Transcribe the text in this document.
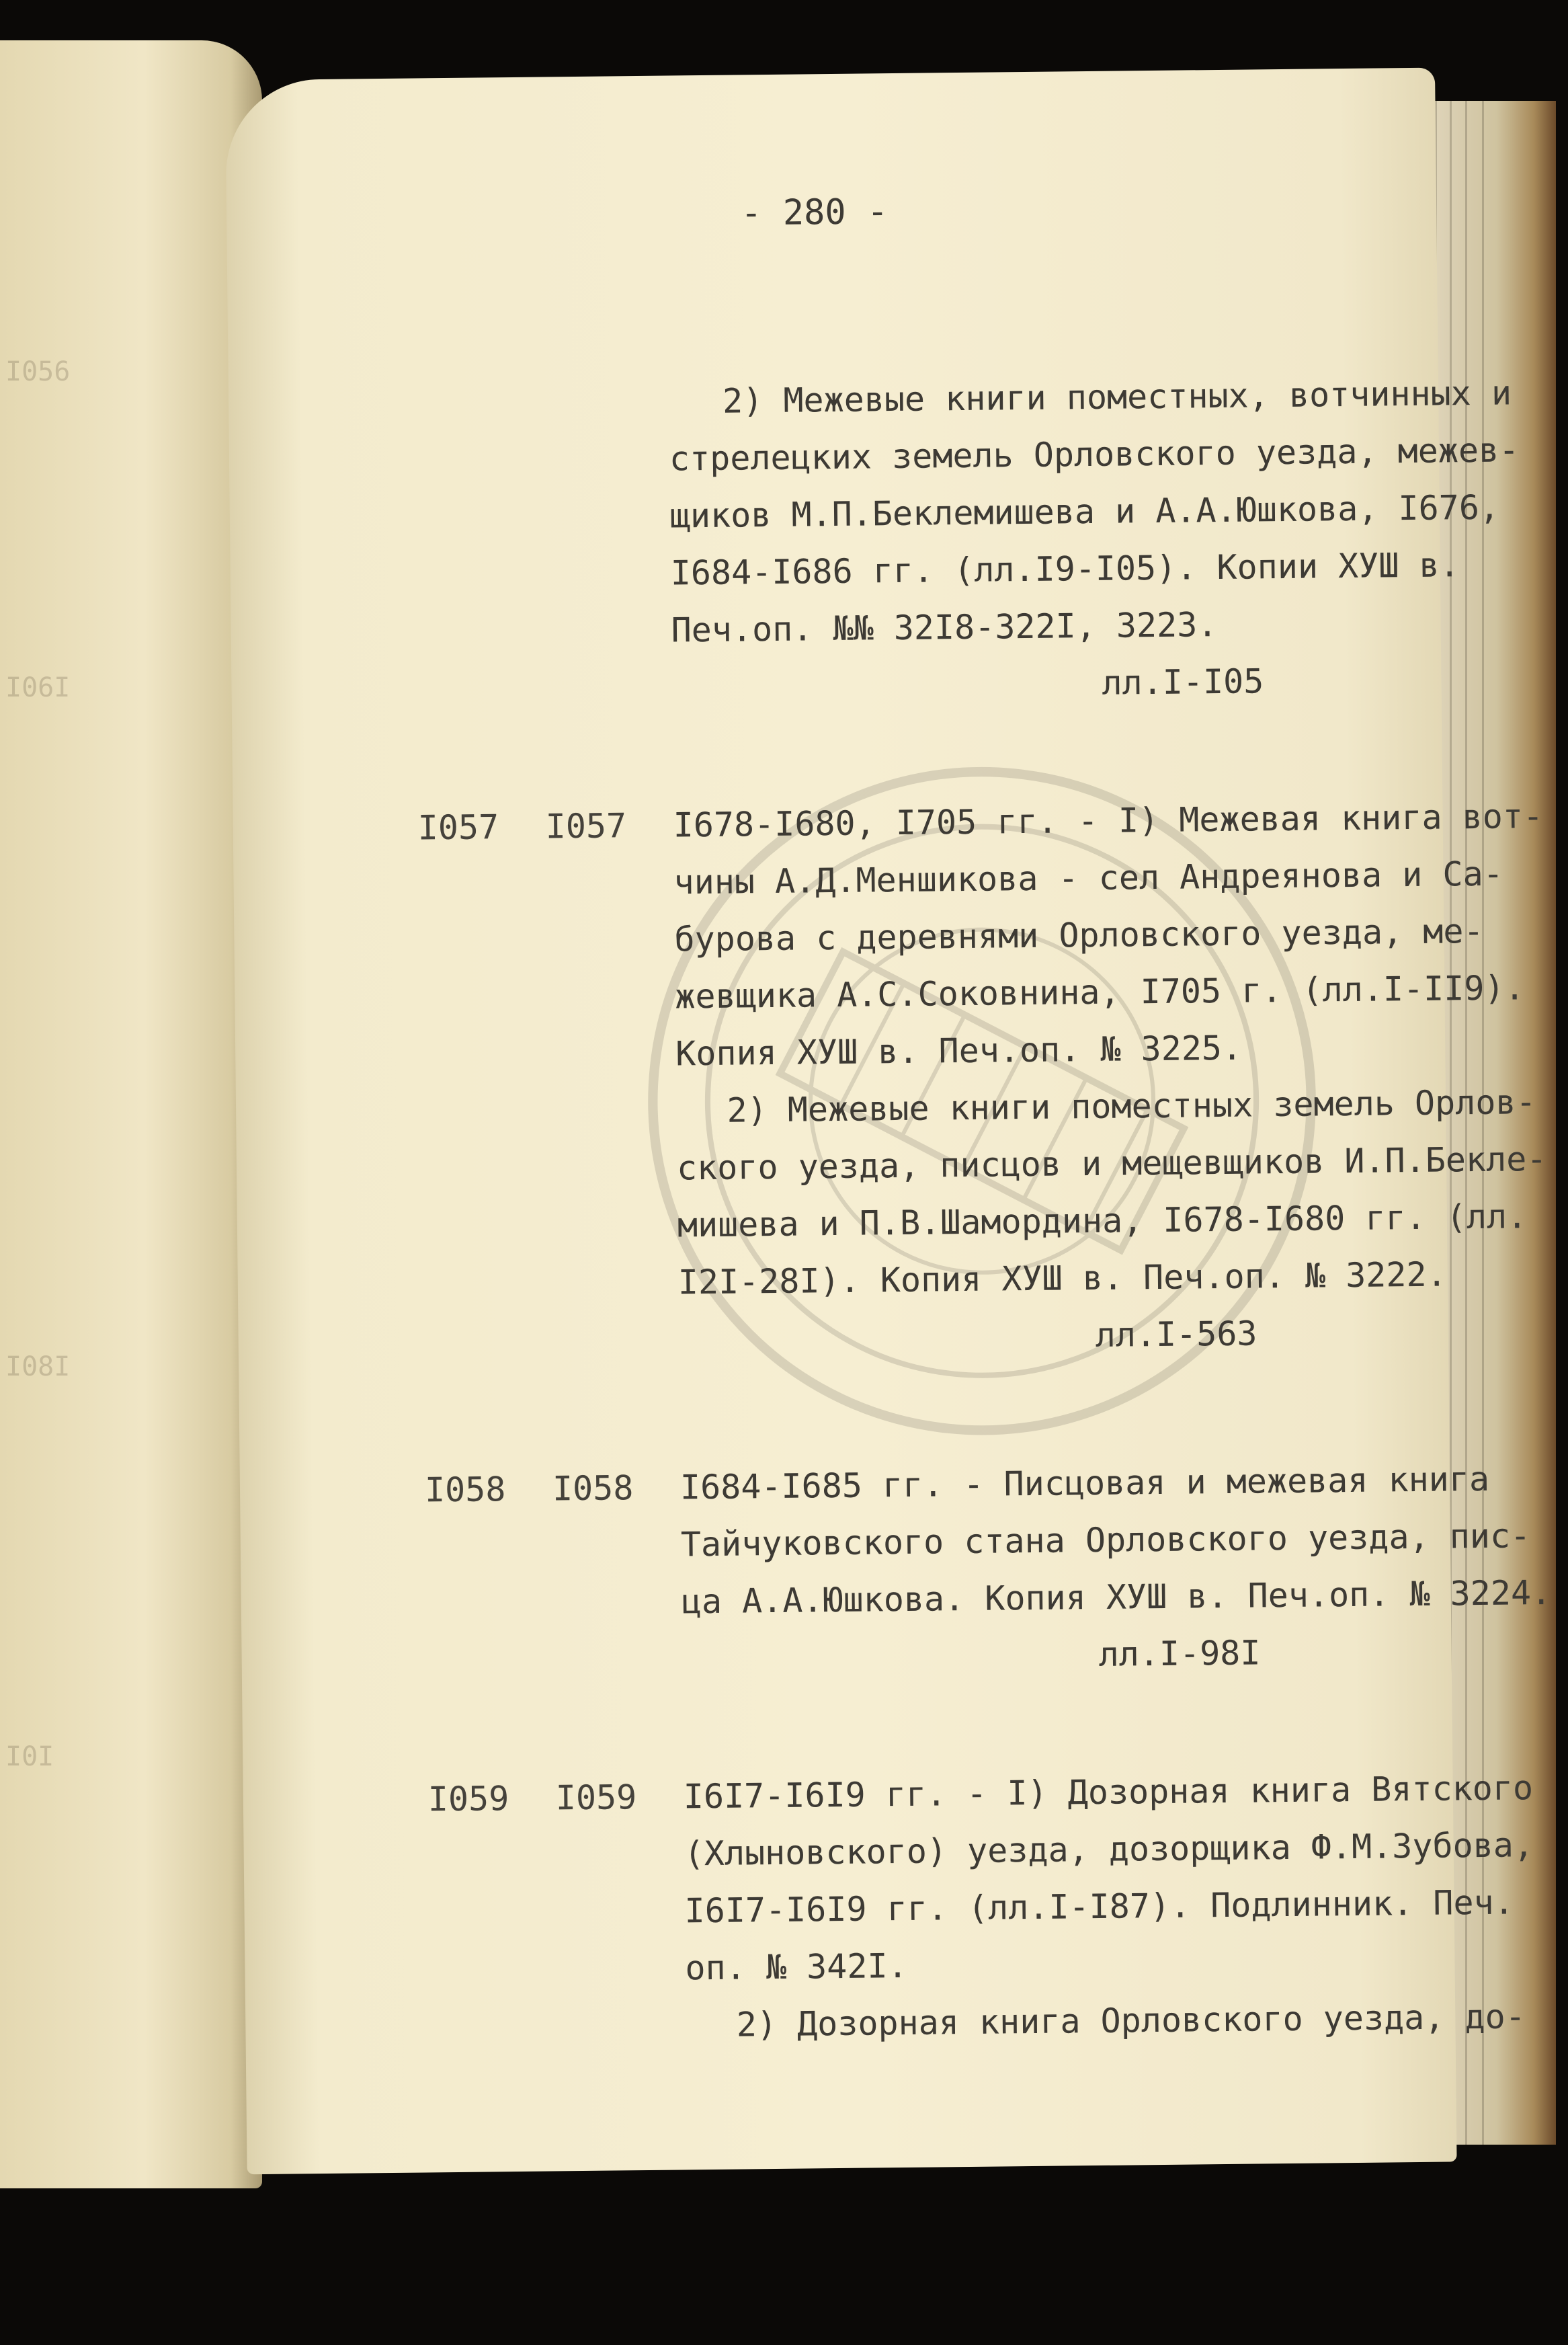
I056
I06I
I08I
I0I
- 280 -
2) Межевые книги поместных, вотчинных и
стрелецких земель Орловского уезда, межев-
щиков М.П.Беклемишева и А.А.Юшкова, I676,
I684-I686 гг. (лл.I9-I05). Копии ХУШ в.
Печ.оп. №№ 32I8-322I, 3223.
лл.I-I05
I057 I057 I678-I680, I705 гг. - I) Межевая книга вот-
чины А.Д.Меншикова - сел Андреянова и Са-
бурова с деревнями Орловского уезда, ме-
жевщика А.С.Соковнина, I705 г. (лл.I-II9).
Копия ХУШ в. Печ.оп. № 3225.
2) Межевые книги поместных земель Орлов-
ского уезда, писцов и мещевщиков И.П.Бекле-
мишева и П.В.Шамордина, I678-I680 гг. (лл.
I2I-28I). Копия ХУШ в. Печ.оп. № 3222.
лл.I-563
I058 I058 I684-I685 гг. - Писцовая и межевая книга
Тайчуковского стана Орловского уезда, пис-
ца А.А.Юшкова. Копия ХУШ в. Печ.оп. № 3224.
лл.I-98I
I059 I059 I6I7-I6I9 гг. - I) Дозорная книга Вятского
(Хлыновского) уезда, дозорщика Ф.М.Зубова,
I6I7-I6I9 гг. (лл.I-I87). Подлинник. Печ.
оп. № 342I.
2) Дозорная книга Орловского уезда, до-
